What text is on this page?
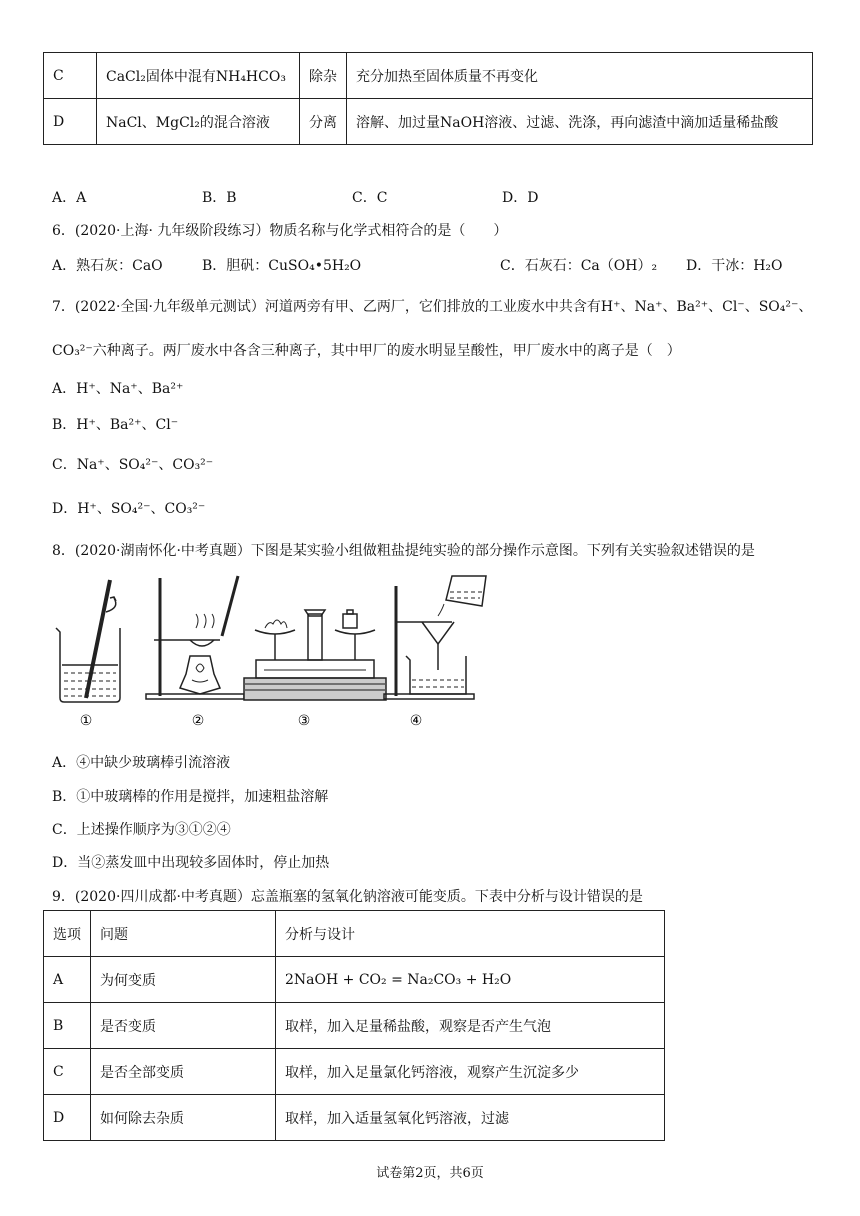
C	CaCl₂固体中混有NH₄HCO₃	除杂	充分加热至固体质量不再变化
D	NaCl、MgCl₂的混合溶液	分离	溶解、加过量NaOH溶液、过滤、洗涤，再向滤渣中滴加适量稀盐酸
A．A	B．B	C．C	D．D
6．(2020·上海· 九年级阶段练习）物质名称与化学式相符合的是（　　）
A．熟石灰：CaO	B．胆矾：CuSO₄•5H₂O	C．石灰石：Ca（OH）₂ D．干冰：H₂O
7．(2022·全国·九年级单元测试）河道两旁有甲、乙两厂，它们排放的工业废水中共含有H⁺、Na⁺、Ba²⁺、Cl⁻、SO₄²⁻、
CO₃²⁻六种离子。两厂废水中各含三种离子，其中甲厂的废水明显呈酸性，甲厂废水中的离子是（　）
A．H⁺、Na⁺、Ba²⁺
B．H⁺、Ba²⁺、Cl⁻
C．Na⁺、SO₄²⁻、CO₃²⁻
D．H⁺、SO₄²⁻、CO₃²⁻
8．(2020·湖南怀化·中考真题）下图是某实验小组做粗盐提纯实验的部分操作示意图。下列有关实验叙述错误的是
①	②	③	④
A．④中缺少玻璃棒引流溶液
B．①中玻璃棒的作用是搅拌，加速粗盐溶解
C．上述操作顺序为③①②④
D．当②蒸发皿中出现较多固体时，停止加热
9．(2020·四川成都·中考真题）忘盖瓶塞的氢氧化钠溶液可能变质。下表中分析与设计错误的是
选项	问题	分析与设计
A	为何变质	2NaOH + CO₂ = Na₂CO₃ + H₂O
B	是否变质	取样，加入足量稀盐酸，观察是否产生气泡
C	是否全部变质	取样，加入足量氯化钙溶液，观察产生沉淀多少
D	如何除去杂质	取样，加入适量氢氧化钙溶液，过滤
试卷第2页，共6页
